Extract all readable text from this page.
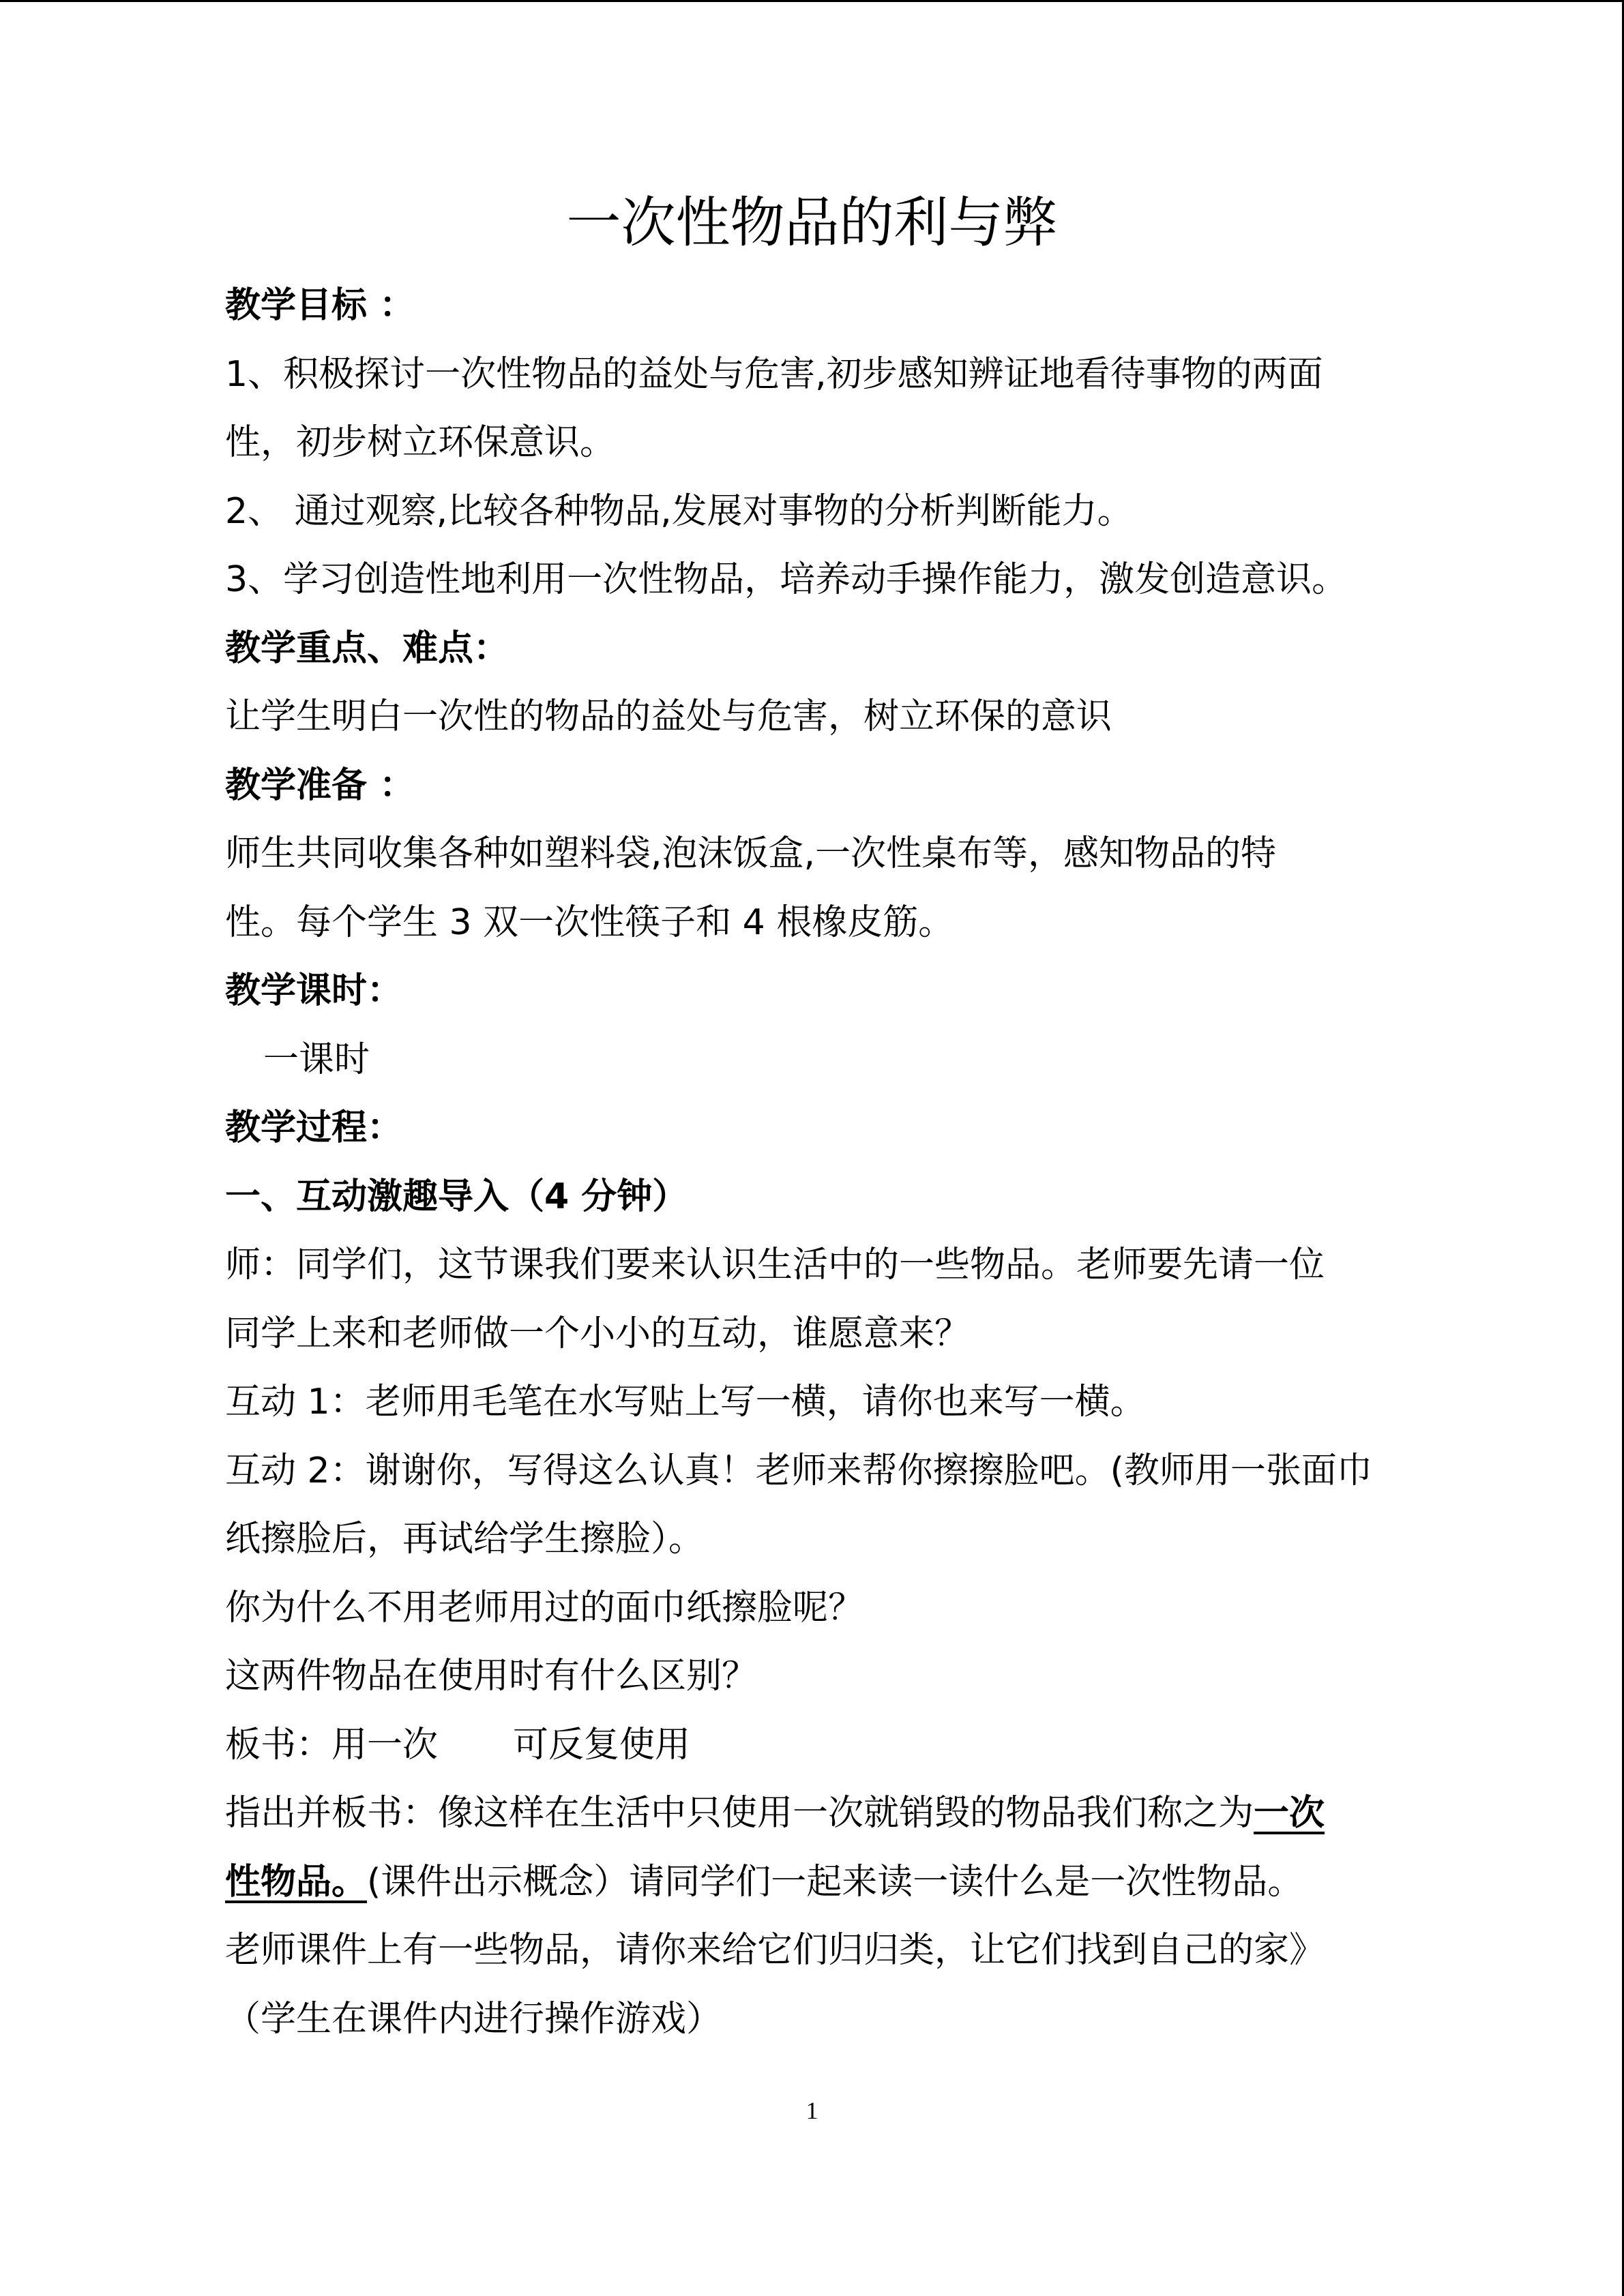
一次性物品的利与弊

教学目标 ：

1、积极探讨一次性物品的益处与危害,初步感知辨证地看待事物的两面

性，初步树立环保意识。

2、 通过观察,比较各种物品,发展对事物的分析判断能力。

3、学习创造性地利用一次性物品，培养动手操作能力，激发创造意识。

教学重点、难点：

让学生明白一次性的物品的益处与危害，树立环保的意识

教学准备 ：

师生共同收集各种如塑料袋,泡沫饭盒,一次性桌布等，感知物品的特

性。每个学生 3 双一次性筷子和 4 根橡皮筋。

教学课时：

一课时

教学过程：

一、互动激趣导入（4 分钟）

师：同学们，这节课我们要来认识生活中的一些物品。老师要先请一位

同学上来和老师做一个小小的互动，谁愿意来？

互动 1：老师用毛笔在水写贴上写一横，请你也来写一横。

互动 2：谢谢你，写得这么认真！老师来帮你擦擦脸吧。(教师用一张面巾

纸擦脸后，再试给学生擦脸）。

你为什么不用老师用过的面巾纸擦脸呢？

这两件物品在使用时有什么区别？

板书：用一次 可反复使用

指出并板书：像这样在生活中只使用一次就销毁的物品我们称之为一次

性物品。(课件出示概念）请同学们一起来读一读什么是一次性物品。

老师课件上有一些物品，请你来给它们归归类，让它们找到自己的家》

（学生在课件内进行操作游戏）

1
